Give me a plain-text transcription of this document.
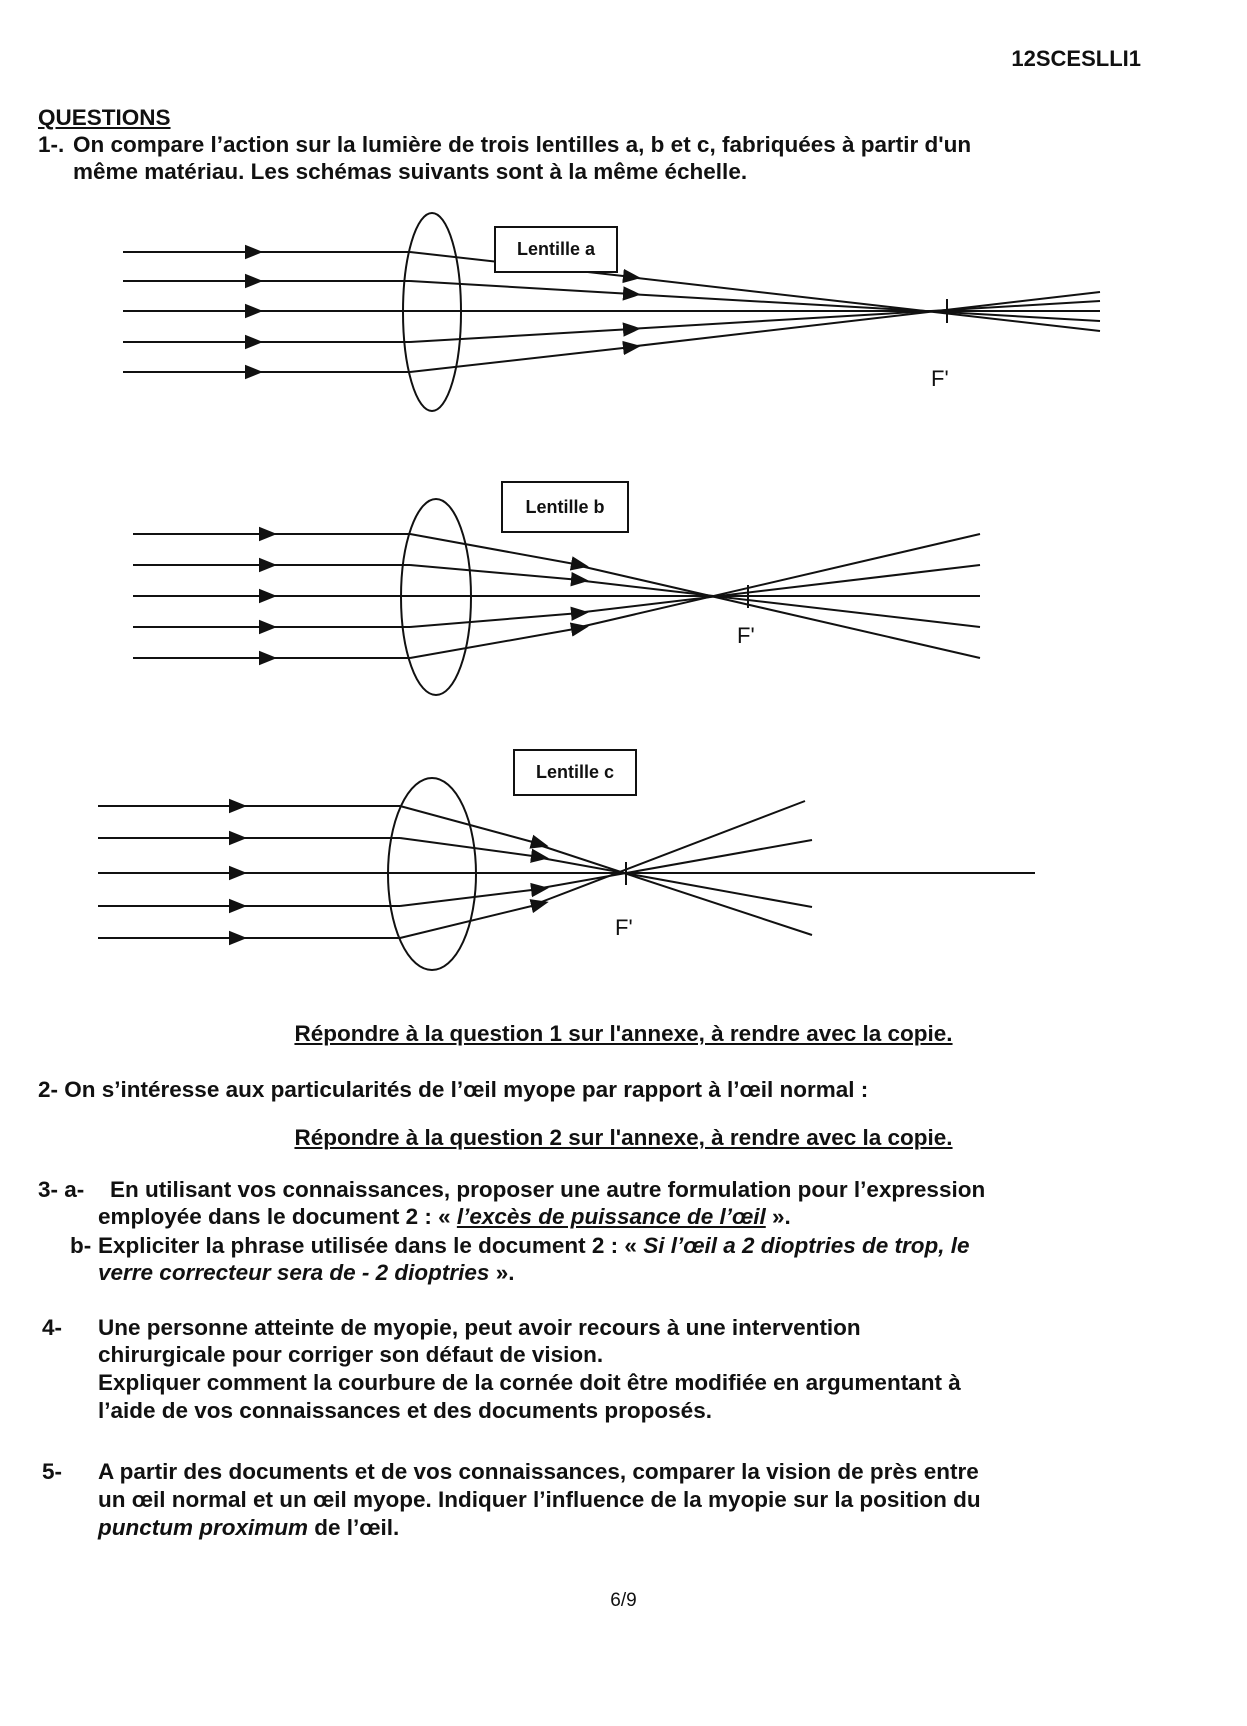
12SCESLLI1
QUESTIONS
1-. On compare l’action sur la lumière de trois lentilles a, b et c, fabriquées à partir d'un
même matériau. Les schémas suivants sont à la même échelle.
Lentille a
F'
Lentille b
F'
Lentille c
F'
Répondre à la question 1 sur l'annexe, à rendre avec la copie.
2- On s’intéresse aux particularités de l’œil myope par rapport à l’œil normal :
Répondre à la question 2 sur l'annexe, à rendre avec la copie.
3- a- En utilisant vos connaissances, proposer une autre formulation pour l’expression
employée dans le document 2 : « l’excès de puissance de l’œil ».
b- Expliciter la phrase utilisée dans le document 2 : « Si l’œil a 2 dioptries de trop, le
verre correcteur sera de - 2 dioptries ».
4- Une personne atteinte de myopie, peut avoir recours à une intervention
chirurgicale pour corriger son défaut de vision.
Expliquer comment la courbure de la cornée doit être modifiée en argumentant à
l’aide de vos connaissances et des documents proposés.
5- A partir des documents et de vos connaissances, comparer la vision de près entre
un œil normal et un œil myope. Indiquer l’influence de la myopie sur la position du
punctum proximum de l’œil.
6/9
